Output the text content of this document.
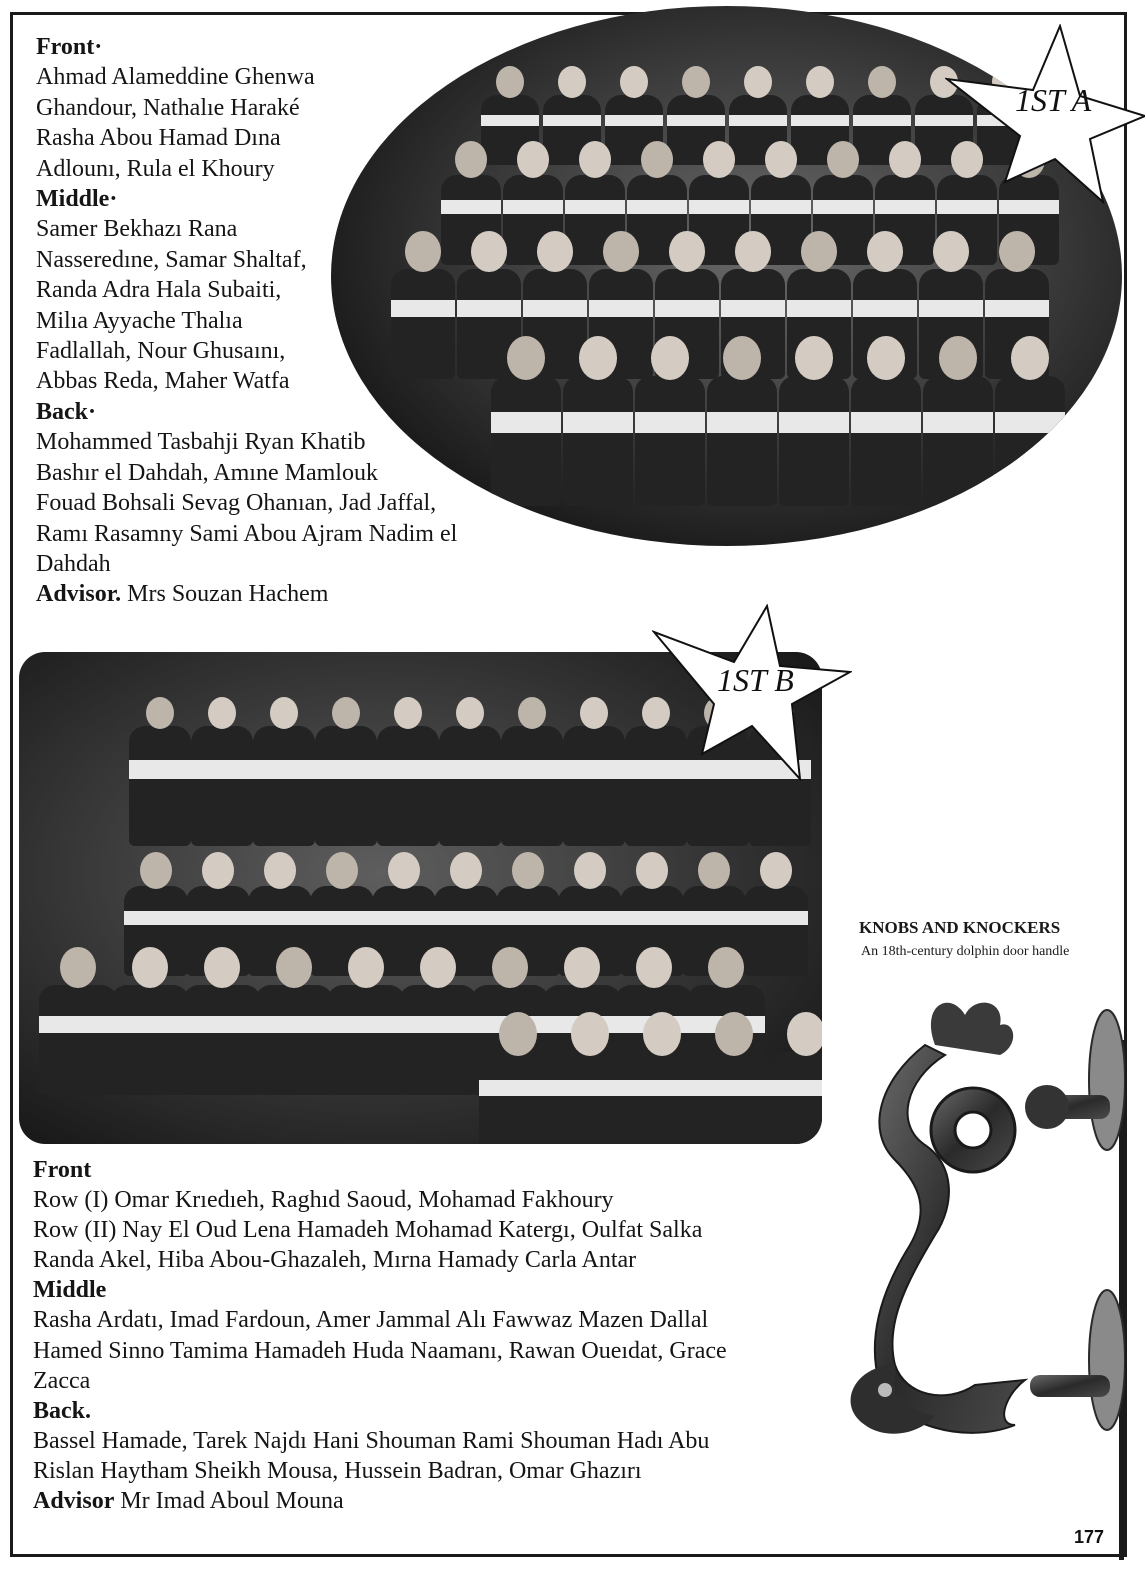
1ST A
Front·
Ahmad Alameddine Ghenwa
Ghandour, Nathalıe Haraké
Rasha Abou Hamad Dına
Adlounı, Rula el Khoury
Middle·
Samer Bekhazı Rana
Nasseredıne, Samar Shaltaf,
Randa Adra Hala Subaiti,
Milıa Ayyache Thalıa
Fadlallah, Nour Ghusaını,
Abbas Reda, Maher Watfa
Back·
Mohammed Tasbahji Ryan Khatib
Bashır el Dahdah, Amıne Mamlouk
Fouad Bohsali Sevag Ohanıan, Jad Jaffal,
Ramı Rasamny Sami Abou Ajram Nadim el
Dahdah
Advisor. Mrs Souzan Hachem
1ST B
Front
Row (I) Omar Krıedıeh, Raghıd Saoud, Mohamad Fakhoury
Row (II) Nay El Oud Lena Hamadeh Mohamad Katergı, Oulfat Salka
Randa Akel, Hiba Abou-Ghazaleh, Mırna Hamady Carla Antar
Middle
Rasha Ardatı, Imad Fardoun, Amer Jammal Alı Fawwaz Mazen Dallal
Hamed Sinno Tamima Hamadeh Huda Naamanı, Rawan Oueıdat, Grace
Zacca
Back.
Bassel Hamade, Tarek Najdı Hani Shouman Rami Shouman Hadı Abu
Rislan Haytham Sheikh Mousa, Hussein Badran, Omar Ghazırı
Advisor Mr Imad Aboul Mouna
KNOBS AND KNOCKERS
An 18th-century dolphin door handle
177
